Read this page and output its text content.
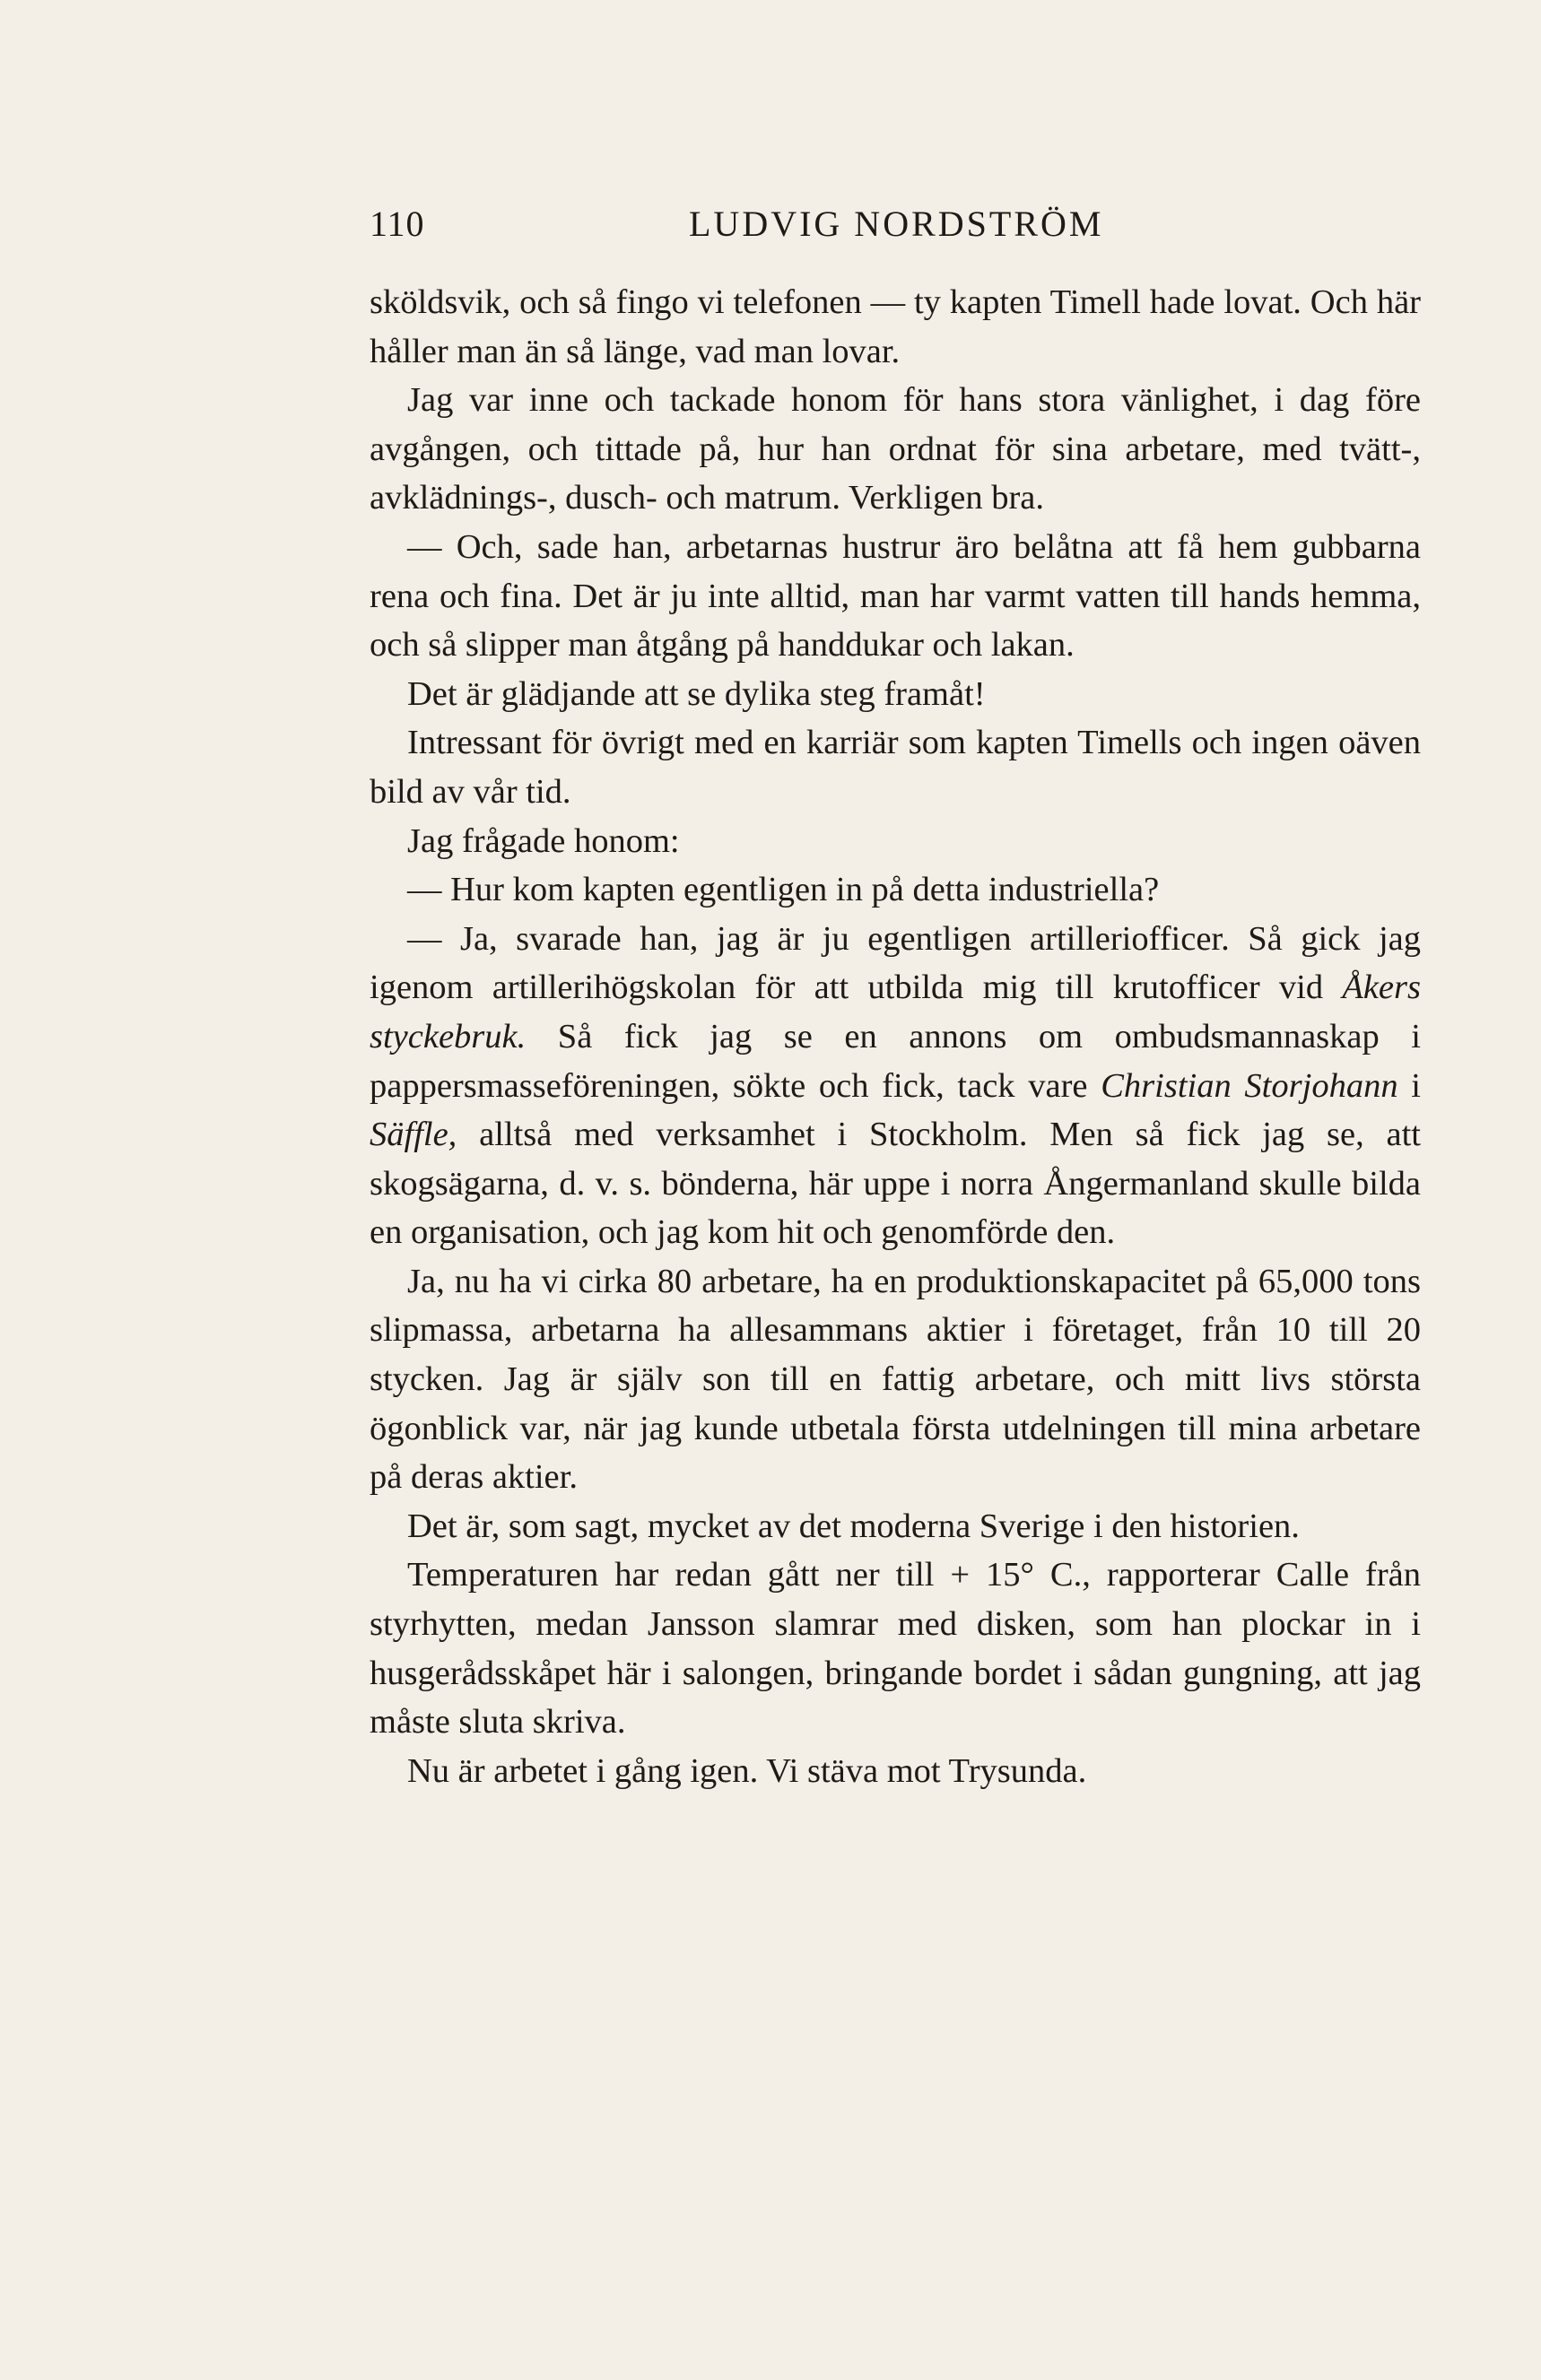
110	LUDVIG NORDSTRÖM

sköldsvik, och så fingo vi telefonen — ty kapten Timell hade lovat. Och här håller man än så länge, vad man lovar.

Jag var inne och tackade honom för hans stora vänlighet, i dag före avgången, och tittade på, hur han ordnat för sina arbetare, med tvätt-, avklädnings-, dusch- och matrum. Verkligen bra.

— Och, sade han, arbetarnas hustrur äro belåtna att få hem gubbarna rena och fina. Det är ju inte alltid, man har varmt vatten till hands hemma, och så slipper man åtgång på handdukar och lakan.

Det är glädjande att se dylika steg framåt!

Intressant för övrigt med en karriär som kapten Timells och ingen oäven bild av vår tid.

Jag frågade honom:

— Hur kom kapten egentligen in på detta industriella?

— Ja, svarade han, jag är ju egentligen artilleriofficer. Så gick jag igenom artillerihögskolan för att utbilda mig till krutofficer vid Åkers styckebruk. Så fick jag se en annons om ombudsmannaskap i pappersmasseföreningen, sökte och fick, tack vare Christian Storjohann i Säffle, alltså med verksamhet i Stockholm. Men så fick jag se, att skogsägarna, d. v. s. bönderna, här uppe i norra Ångermanland skulle bilda en organisation, och jag kom hit och genomförde den.

Ja, nu ha vi cirka 80 arbetare, ha en produktionskapacitet på 65,000 tons slipmassa, arbetarna ha allesammans aktier i företaget, från 10 till 20 stycken. Jag är själv son till en fattig arbetare, och mitt livs största ögonblick var, när jag kunde utbetala första utdelningen till mina arbetare på deras aktier.

Det är, som sagt, mycket av det moderna Sverige i den historien.

Temperaturen har redan gått ner till + 15° C., rapporterar Calle från styrhytten, medan Jansson slamrar med disken, som han plockar in i husgerådsskåpet här i salongen, bringande bordet i sådan gungning, att jag måste sluta skriva.

Nu är arbetet i gång igen. Vi stäva mot Trysunda.
